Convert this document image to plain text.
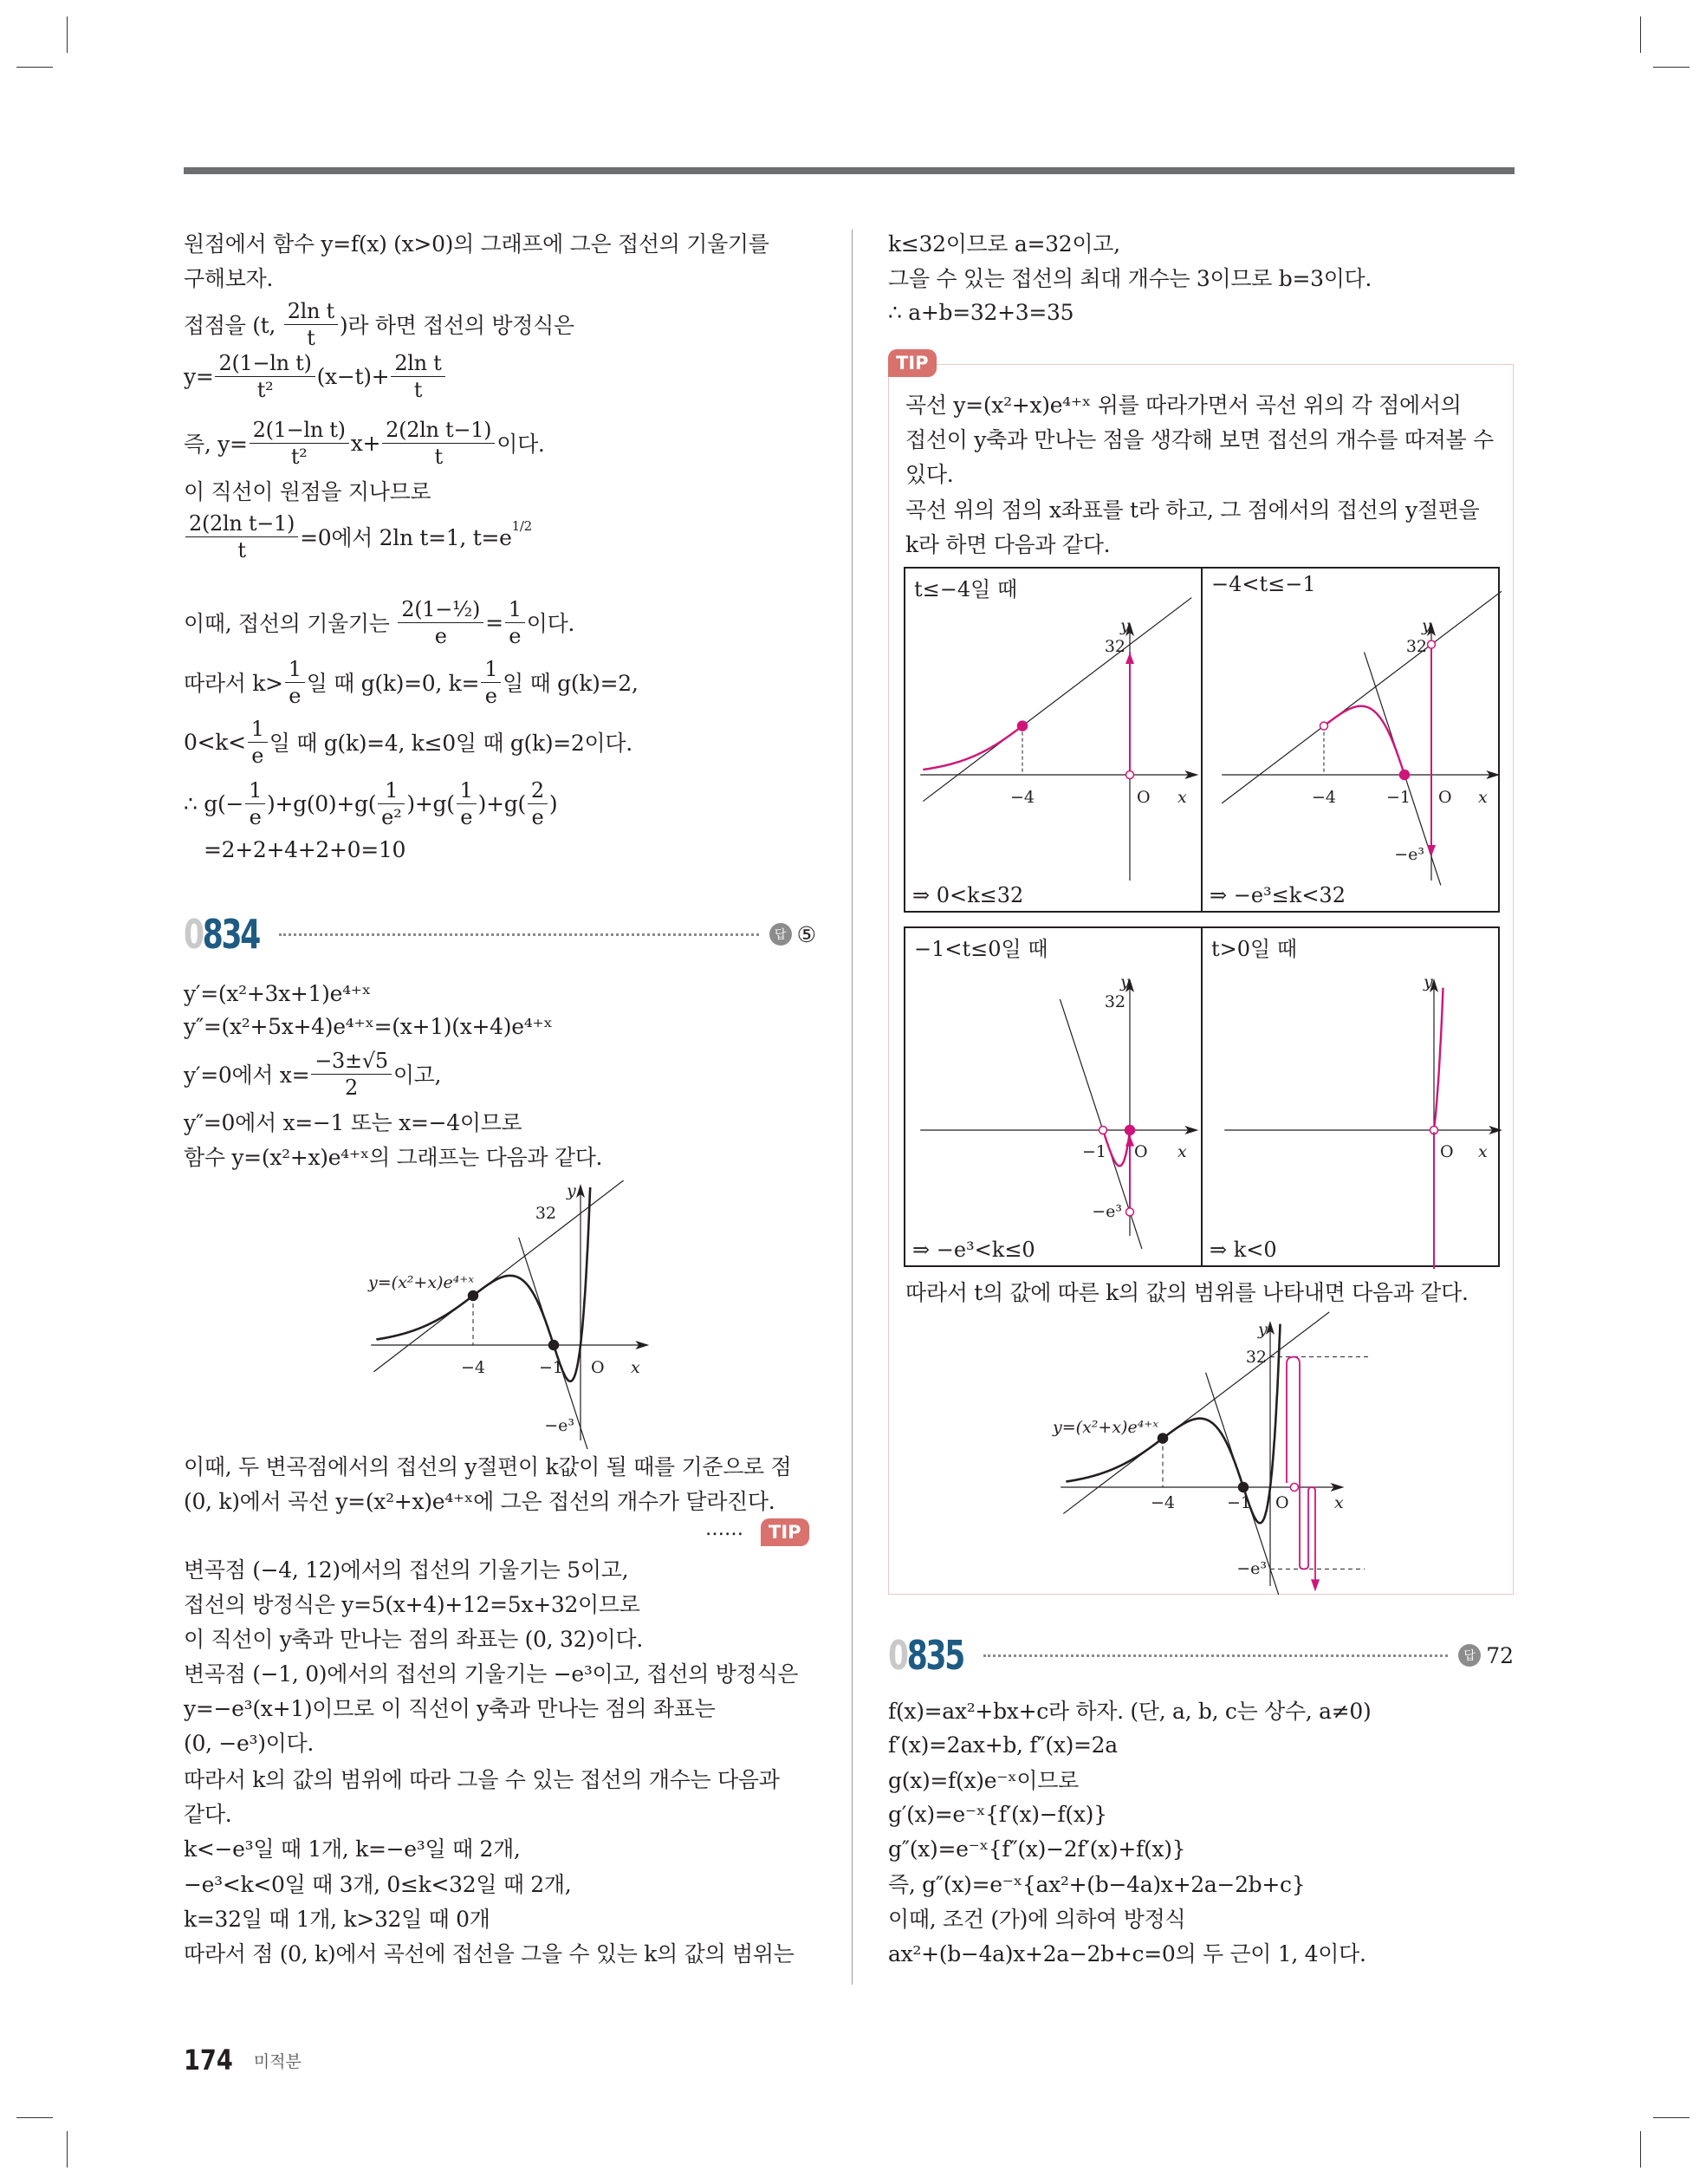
원점에서 함수 y=f(x) (x>0)의 그래프에 그은 접선의 기울기를
구해보자.
접점을 (t, $\frac{\text{2ln t}}{t}$ )라 하면 접선의 방정식은
$y= \frac{\text{2(1−ln t)}}{\text{t²}} (x-t)+ \frac{\text{2ln t}}{t}$
즉, $y= \frac{\text{2(1−ln t)}}{\text{t²}} x+ \frac{\text{2(2ln t−1)}}{t}$ 이다.
이 직선이 원점을 지나므로
$\frac{\text{2(2ln t−1)}}{t} =0$에서 2ln t=1, t=e 1/2
이때, 접선의 기울기는 $\frac{\text{2(1−½)}}{e} = \frac{1}{e}$ 이다.
따라서 $k> \frac{1}{e}$ 일 때 g(k)=0, $k= \frac{1}{e}$ 일 때 g(k)=2,
$0<k< \frac{1}{e}$ 일 때 g(k)=4, k≤0일 때 g(k)=2이다.
∴ $g(- \frac{1}{e} )+g(0)+g( \frac{1}{\text{e²}} )+g( \frac{1}{e} )+g( \frac{2}{e}$ )
=2+2+4+2+0=10
0834	답 ⑤
y′=(x²+3x+1)e⁴⁺ˣ
y″=(x²+5x+4)e⁴⁺ˣ=(x+1)(x+4)e⁴⁺ˣ
y′=0에서 $x= \frac{-3\pm√5}{2}$ 이고,
y″=0에서 x=−1 또는 x=−4이므로
함수 y=(x²+x)e⁴⁺ˣ의 그래프는 다음과 같다.
y
32
y=(x²+x)e⁴⁺ˣ
−4	−1 O x
−e³
이때, 두 변곡점에서의 접선의 y절편이 k값이 될 때를 기준으로 점
(0, k)에서 곡선 y=(x²+x)e⁴⁺ˣ에 그은 접선의 개수가 달라진다.
……	TIP
변곡점 (−4, 12)에서의 접선의 기울기는 5이고,
접선의 방정식은 y=5(x+4)+12=5x+32이므로
이 직선이 y축과 만나는 점의 좌표는 (0, 32)이다.
변곡점 (−1, 0)에서의 접선의 기울기는 −e³이고, 접선의 방정식은
y=−e³(x+1)이므로 이 직선이 y축과 만나는 점의 좌표는
(0, −e³)이다.
따라서 k의 값의 범위에 따라 그을 수 있는 접선의 개수는 다음과
같다.
k<−e³일 때 1개, k=−e³일 때 2개,
−e³<k<0일 때 3개, 0≤k<32일 때 2개,
k=32일 때 1개, k>32일 때 0개
따라서 점 (0, k)에서 곡선에 접선을 그을 수 있는 k의 값의 범위는
k≤32이므로 a=32이고,
그을 수 있는 접선의 최대 개수는 3이므로 b=3이다.
∴ a+b=32+3=35
TIP
곡선 y=(x²+x)e⁴⁺ˣ 위를 따라가면서 곡선 위의 각 점에서의
접선이 y축과 만나는 점을 생각해 보면 접선의 개수를 따져볼 수
있다.
곡선 위의 점의 x좌표를 t라 하고, 그 점에서의 접선의 y절편을
k라 하면 다음과 같다.
y
32
−4	O x
t≤−4일 때
⇒ 0<k≤32
y
32
−4	−1 O x
−e³
−4<t≤−1
⇒ −e³≤k<32
y
32
−1 O x
−e³
−1<t≤0일 때
⇒ −e³<k≤0
y
O x
t>0일 때
⇒ k<0
따라서 t의 값에 따른 k의 값의 범위를 나타내면 다음과 같다.
y
32
y=(x²+x)e⁴⁺ˣ
−4	−1 O	x
−e³
0835	답 72
f(x)=ax²+bx+c라 하자. (단, a, b, c는 상수, a≠0)
f′(x)=2ax+b, f″(x)=2a
g(x)=f(x)e⁻ˣ이므로
g′(x)=e⁻ˣ{f′(x)−f(x)}
g″(x)=e⁻ˣ{f″(x)−2f′(x)+f(x)}
즉, g″(x)=e⁻ˣ{ax²+(b−4a)x+2a−2b+c}
이때, 조건 (가)에 의하여 방정식
ax²+(b−4a)x+2a−2b+c=0의 두 근이 1, 4이다.
174 미적분
